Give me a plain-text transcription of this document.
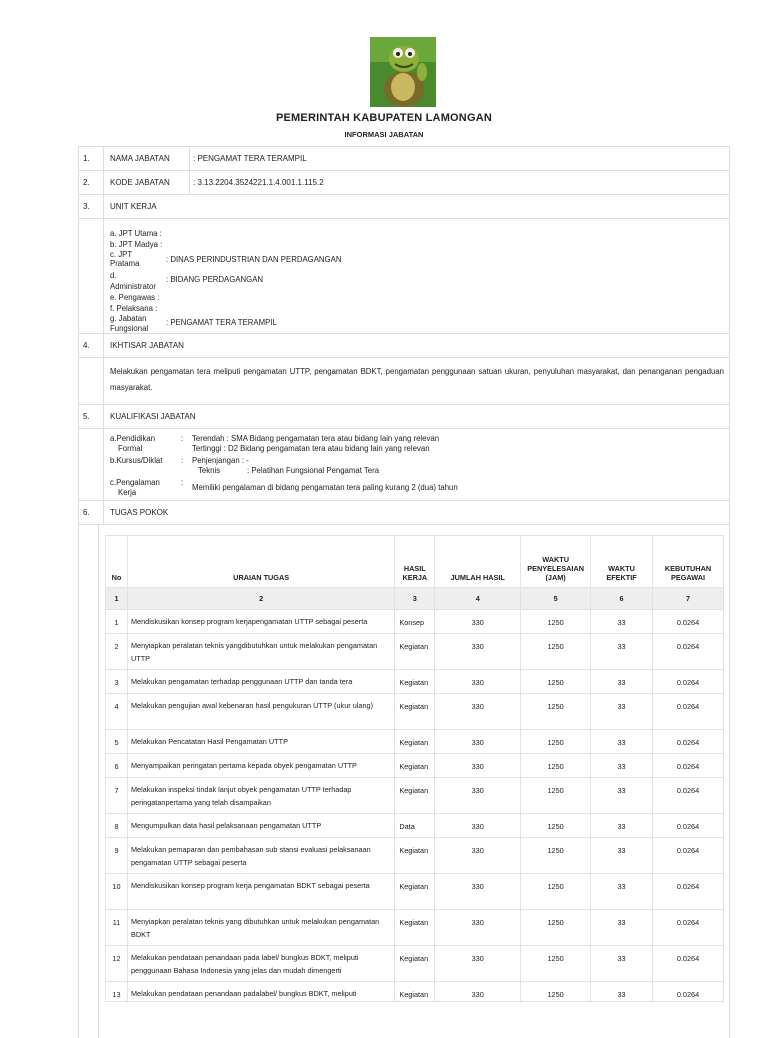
PEMERINTAH KABUPATEN LAMONGAN
INFORMASI JABATAN
1.	NAMA JABATAN	: PENGAMAT TERA TERAMPIL
2.	KODE JABATAN	: 3.13.2204.3524221.1.4.001.1.115.2
3.	UNIT KERJA
a. JPT Utama :
b. JPT Madya :
c. JPT
Pratama	: DINAS PERINDUSTRIAN DAN PERDAGANGAN
d.
Administrator
: BIDANG PERDAGANGAN
e. Pengawas :
f. Pelaksana :
g. Jabatan
Fungsional
: PENGAMAT TERA TERAMPIL
4.	IKHTISAR JABATAN
Melakukan pengamatan tera meliputi pengamatan UTTP, pengamatan BDKT, pengamatan penggunaan satuan ukuran, penyuluhan masyarakat, dan penanganan pengaduan masyarakat.
5.	KUALIFIKASI JABATAN
a.Pendidikan
Formal
: Terendah : SMA Bidang pengamatan tera atau bidang lain yang relevan
Tertinggi : D2 Bidang pengamatan tera atau bidang lain yang relevan
b.Kursus/Diklat : Penjenjangan : -
Teknis	: Pelatihan Fungsional Pengamat Tera
c.Pengalaman
Kerja
:
Memiliki pengalaman di bidang pengamatan tera paling kurang 2 (dua) tahun
6.	TUGAS POKOK
No	URAIAN TUGAS	HASIL KERJA	JUMLAH HASIL	WAKTU PENYELESAIAN (JAM)	WAKTU EFEKTIF	KEBUTUHAN PEGAWAI
1	2	3	4	5	6	7
1	Mendiskusikan konsep program kerjapengamatan UTTP sebagai peserta	Konsep	330	1250	33	0.0264
2	Menyiapkan peralatan teknis yangdibutuhkan untuk melakukan pengamatan UTTP	Kegiatan	330	1250	33	0.0264
3	Melakukan pengamatan terhadap penggunaan UTTP dan tanda tera	Kegiatan	330	1250	33	0.0264
4	Melakukan pengujian awal kebenaran hasil pengukuran UTTP (ukur ulang)	Kegiatan	330	1250	33	0.0264
5	Melakukan Pencatatan Hasil Pengamatan UTTP	Kegiatan	330	1250	33	0.0264
6	Menyampaikan peringatan pertama kepada obyek pengamatan UTTP	Kegiatan	330	1250	33	0.0264
7	Melakukan inspeksi tindak lanjut obyek pengamatan UTTP terhadap peringatanpertama yang telah disampaikan	Kegiatan	330	1250	33	0.0264
8	Mengumpulkan data hasil pelaksanaan pengamatan UTTP	Data	330	1250	33	0.0264
9	Melakukan pemaparan dan pembahasan sub stansi evaluasi pelaksanaan pengamatan UTTP sebagai peserta	Kegiatan	330	1250	33	0.0264
10	Mendiskusikan konsep program kerja pengamatan BDKT sebagai peserta	Kegiatan	330	1250	33	0.0264
11	Menyiapkan peralatan teknis yang dibutuhkan untuk melakukan pengamatan BDKT	Kegiatan	330	1250	33	0.0264
12	Melakukan pendataan penandaan pada label/ bungkus BDKT, meliputi penggunaan Bahasa Indonesia yang jelas dan mudah dimengerti	Kegiatan	330	1250	33	0.0264
13	Melakukan pendataan penandaan padalabel/ bungkus BDKT, meliputi	Kegiatan	330	1250	33	0.0264
